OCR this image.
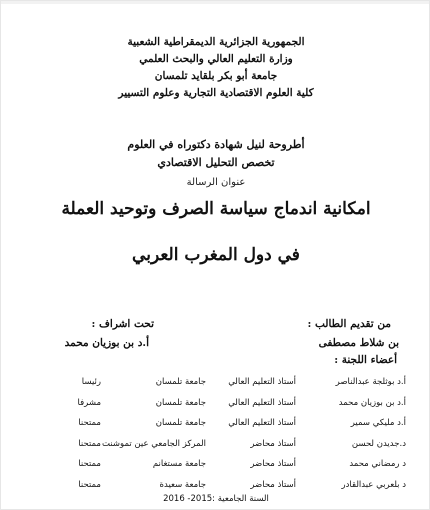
الجمهورية الجزائرية الديمقراطية الشعبية
وزارة التعليم العالي والبحث العلمي
جامعة أبو بكر بلقايد تلمسان
كلية العلوم الاقتصادية التجارية وعلوم التسيير
أطروحة لنيل شهادة دكتوراه في العلوم
تخصص التحليل الاقتصادي
عنوان الرسالة
امكانية اندماج سياسة الصرف وتوحيد العملة
في دول المغرب العربي
من تقديم الطالب :
تحت اشراف :
بن شلاط مصطفى
أ.د بن بوزيان محمد
أعضاء اللجنة :
أ.د بوثلجة عبدالناصر
أستاذ التعليم العالي
جامعة تلمسان
رئيسا
أ.د بن بوزيان محمد
أستاذ التعليم العالي
جامعة تلمسان
مشرفا
أ.د مليكي سمير
أستاذ التعليم العالي
جامعة تلمسان
ممتحنا
د.جديدن لحسن
أستاذ محاضر
المركز الجامعي عين تموشنت
ممتحنا
د رمضاني محمد
أستاذ محاضر
جامعة مستغانم
ممتحنا
د بلعربي عبدالقادر
أستاذ محاضر
جامعة سعيدة
ممتحنا
السنة الجامعية :2015- 2016
